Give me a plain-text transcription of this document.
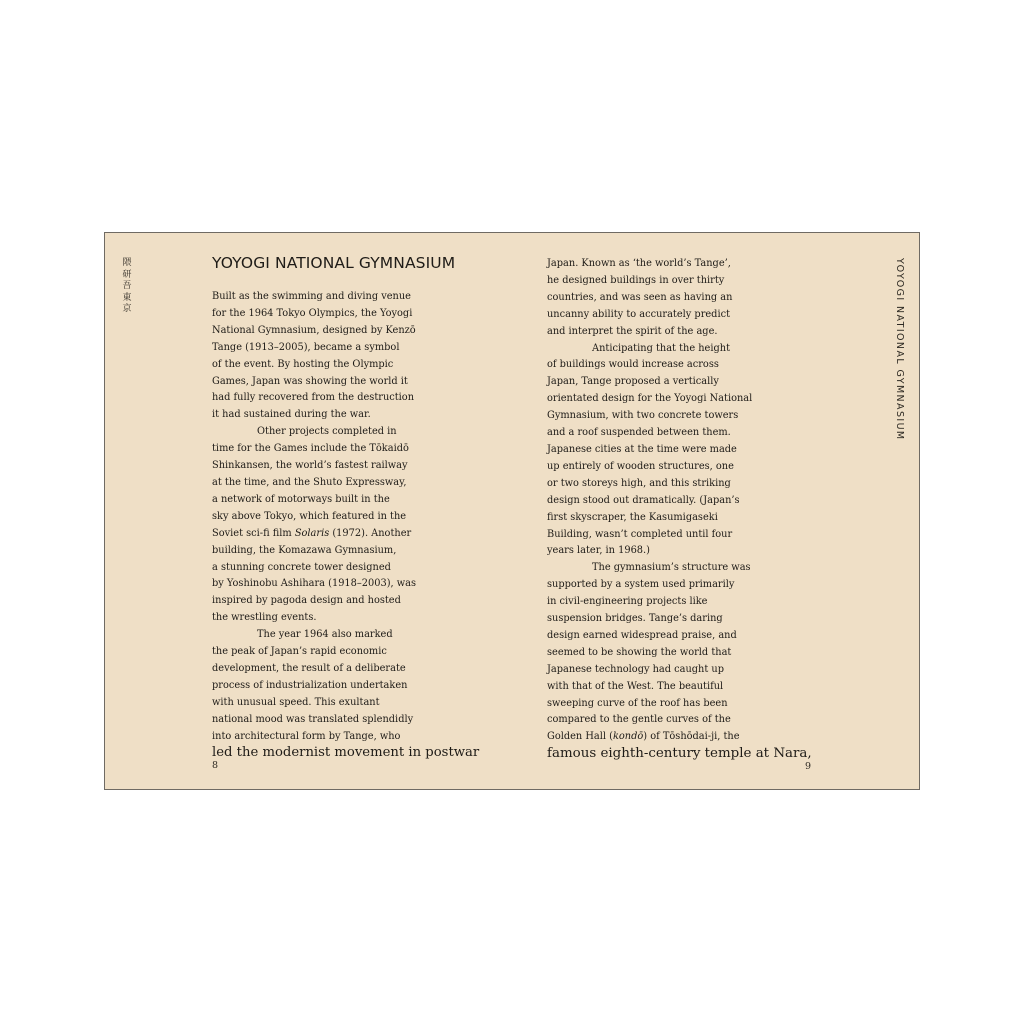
隈
研
吾
東
京	YOYOGI NATIONAL GYMNASIUM
YOYOGI NATIONAL GYMNASIUM
Built as the swimming and diving venue
for the 1964 Tokyo Olympics, the Yoyogi
National Gymnasium, designed by Kenzō
Tange (1913–2005), became a symbol
of the event. By hosting the Olympic
Games, Japan was showing the world it
had fully recovered from the destruction
it had sustained during the war.
Other projects completed in
time for the Games include the Tōkaidō
Shinkansen, the world’s fastest railway
at the time, and the Shuto Expressway,
a network of motorways built in the
sky above Tokyo, which featured in the
Soviet sci-fi film Solaris (1972). Another
building, the Komazawa Gymnasium,
a stunning concrete tower designed
by Yoshinobu Ashihara (1918–2003), was
inspired by pagoda design and hosted
the wrestling events.
The year 1964 also marked
the peak of Japan’s rapid economic
development, the result of a deliberate
process of industrialization undertaken
with unusual speed. This exultant
national mood was translated splendidly
into architectural form by Tange, who
led the modernist movement in postwar
Japan. Known as ‘the world’s Tange’,
he designed buildings in over thirty
countries, and was seen as having an
uncanny ability to accurately predict
and interpret the spirit of the age.
Anticipating that the height
of buildings would increase across
Japan, Tange proposed a vertically
orientated design for the Yoyogi National
Gymnasium, with two concrete towers
and a roof suspended between them.
Japanese cities at the time were made
up entirely of wooden structures, one
or two storeys high, and this striking
design stood out dramatically. (Japan’s
first skyscraper, the Kasumigaseki
Building, wasn’t completed until four
years later, in 1968.)
The gymnasium’s structure was
supported by a system used primarily
in civil-engineering projects like
suspension bridges. Tange’s daring
design earned widespread praise, and
seemed to be showing the world that
Japanese technology had caught up
with that of the West. The beautiful
sweeping curve of the roof has been
compared to the gentle curves of the
Golden Hall (kondō) of Tōshōdai-ji, the
famous eighth-century temple at Nara,
8	9
